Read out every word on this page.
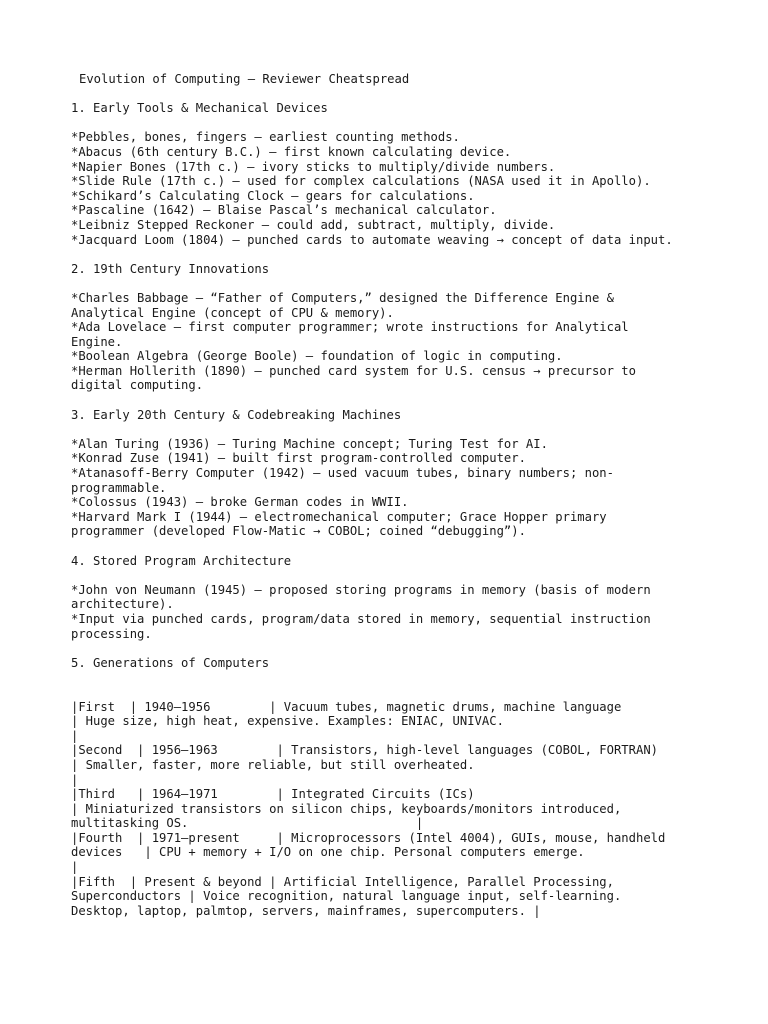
Evolution of Computing – Reviewer Cheatspread
1. Early Tools & Mechanical Devices
*Pebbles, bones, fingers – earliest counting methods.
*Abacus (6th century B.C.) – first known calculating device.
*Napier Bones (17th c.) – ivory sticks to multiply/divide numbers.
*Slide Rule (17th c.) – used for complex calculations (NASA used it in Apollo).
*Schikard’s Calculating Clock – gears for calculations.
*Pascaline (1642) – Blaise Pascal’s mechanical calculator.
*Leibniz Stepped Reckoner – could add, subtract, multiply, divide.
*Jacquard Loom (1804) – punched cards to automate weaving → concept of data input.
2. 19th Century Innovations
*Charles Babbage – “Father of Computers,” designed the Difference Engine &
Analytical Engine (concept of CPU & memory).
*Ada Lovelace – first computer programmer; wrote instructions for Analytical
Engine.
*Boolean Algebra (George Boole) – foundation of logic in computing.
*Herman Hollerith (1890) – punched card system for U.S. census → precursor to
digital computing.
3. Early 20th Century & Codebreaking Machines
*Alan Turing (1936) – Turing Machine concept; Turing Test for AI.
*Konrad Zuse (1941) – built first program-controlled computer.
*Atanasoff-Berry Computer (1942) – used vacuum tubes, binary numbers; non-
programmable.
*Colossus (1943) – broke German codes in WWII.
*Harvard Mark I (1944) – electromechanical computer; Grace Hopper primary
programmer (developed Flow-Matic → COBOL; coined “debugging”).
4. Stored Program Architecture
*John von Neumann (1945) – proposed storing programs in memory (basis of modern
architecture).
*Input via punched cards, program/data stored in memory, sequential instruction
processing.
5. Generations of Computers
|First  | 1940–1956        | Vacuum tubes, magnetic drums, machine language
| Huge size, high heat, expensive. Examples: ENIAC, UNIVAC.
|
|Second  | 1956–1963        | Transistors, high-level languages (COBOL, FORTRAN)
| Smaller, faster, more reliable, but still overheated.
|
|Third   | 1964–1971        | Integrated Circuits (ICs)
| Miniaturized transistors on silicon chips, keyboards/monitors introduced,
multitasking OS.                               |
|Fourth  | 1971–present     | Microprocessors (Intel 4004), GUIs, mouse, handheld
devices   | CPU + memory + I/O on one chip. Personal computers emerge.
|
|Fifth  | Present & beyond | Artificial Intelligence, Parallel Processing,
Superconductors | Voice recognition, natural language input, self-learning.
Desktop, laptop, palmtop, servers, mainframes, supercomputers. |
